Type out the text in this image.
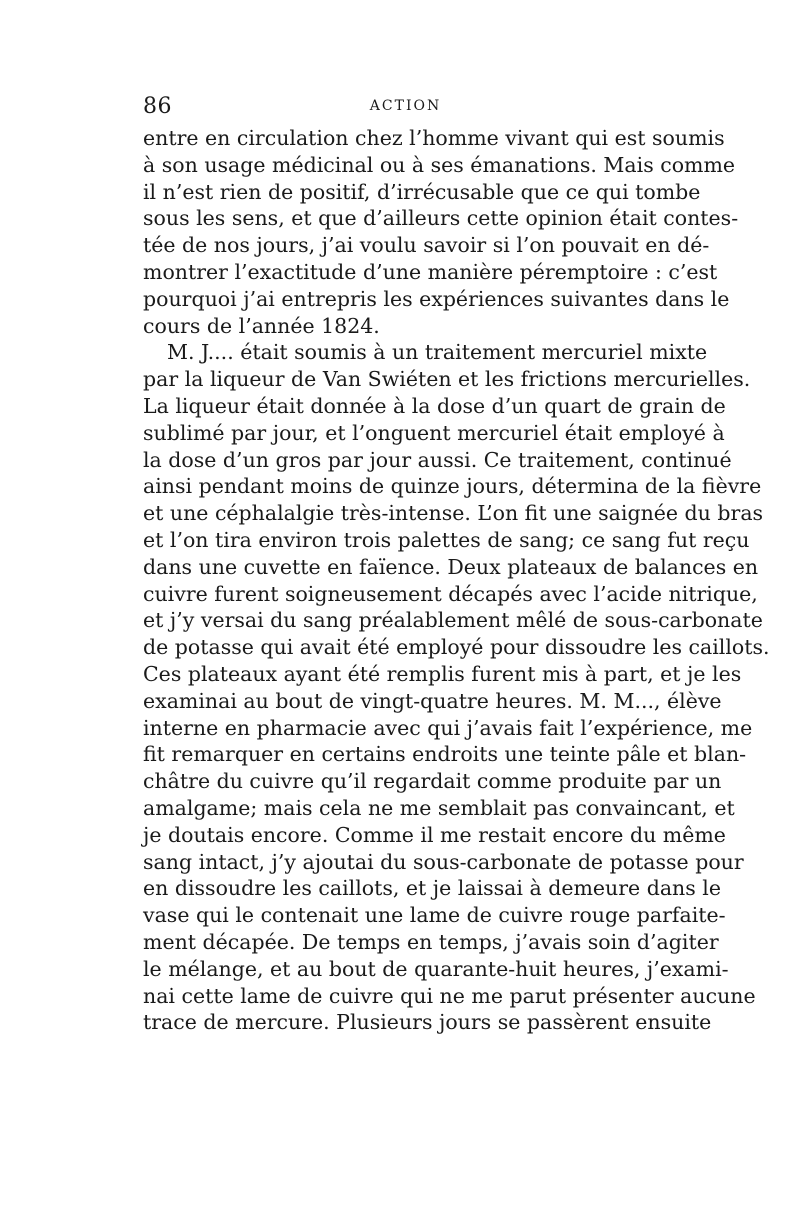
86	ACTION
entre en circulation chez l’homme vivant qui est soumis
à son usage médicinal ou à ses émanations. Mais comme
il n’est rien de positif, d’irrécusable que ce qui tombe
sous les sens, et que d’ailleurs cette opinion était contes-
tée de nos jours, j’ai voulu savoir si l’on pouvait en dé-
montrer l’exactitude d’une manière péremptoire : c’est
pourquoi j’ai entrepris les expériences suivantes dans le
cours de l’année 1824.
M. J.... était soumis à un traitement mercuriel mixte
par la liqueur de Van Swiéten et les frictions mercurielles.
La liqueur était donnée à la dose d’un quart de grain de
sublimé par jour, et l’onguent mercuriel était employé à
la dose d’un gros par jour aussi. Ce traitement, continué
ainsi pendant moins de quinze jours, détermina de la fièvre
et une céphalalgie très-intense. L’on fit une saignée du bras
et l’on tira environ trois palettes de sang; ce sang fut reçu
dans une cuvette en faïence. Deux plateaux de balances en
cuivre furent soigneusement décapés avec l’acide nitrique,
et j’y versai du sang préalablement mêlé de sous-carbonate
de potasse qui avait été employé pour dissoudre les caillots.
Ces plateaux ayant été remplis furent mis à part, et je les
examinai au bout de vingt-quatre heures. M. M..., élève
interne en pharmacie avec qui j’avais fait l’expérience, me
fit remarquer en certains endroits une teinte pâle et blan-
châtre du cuivre qu’il regardait comme produite par un
amalgame; mais cela ne me semblait pas convaincant, et
je doutais encore. Comme il me restait encore du même
sang intact, j’y ajoutai du sous-carbonate de potasse pour
en dissoudre les caillots, et je laissai à demeure dans le
vase qui le contenait une lame de cuivre rouge parfaite-
ment décapée. De temps en temps, j’avais soin d’agiter
le mélange, et au bout de quarante-huit heures, j’exami-
nai cette lame de cuivre qui ne me parut présenter aucune
trace de mercure. Plusieurs jours se passèrent ensuite
